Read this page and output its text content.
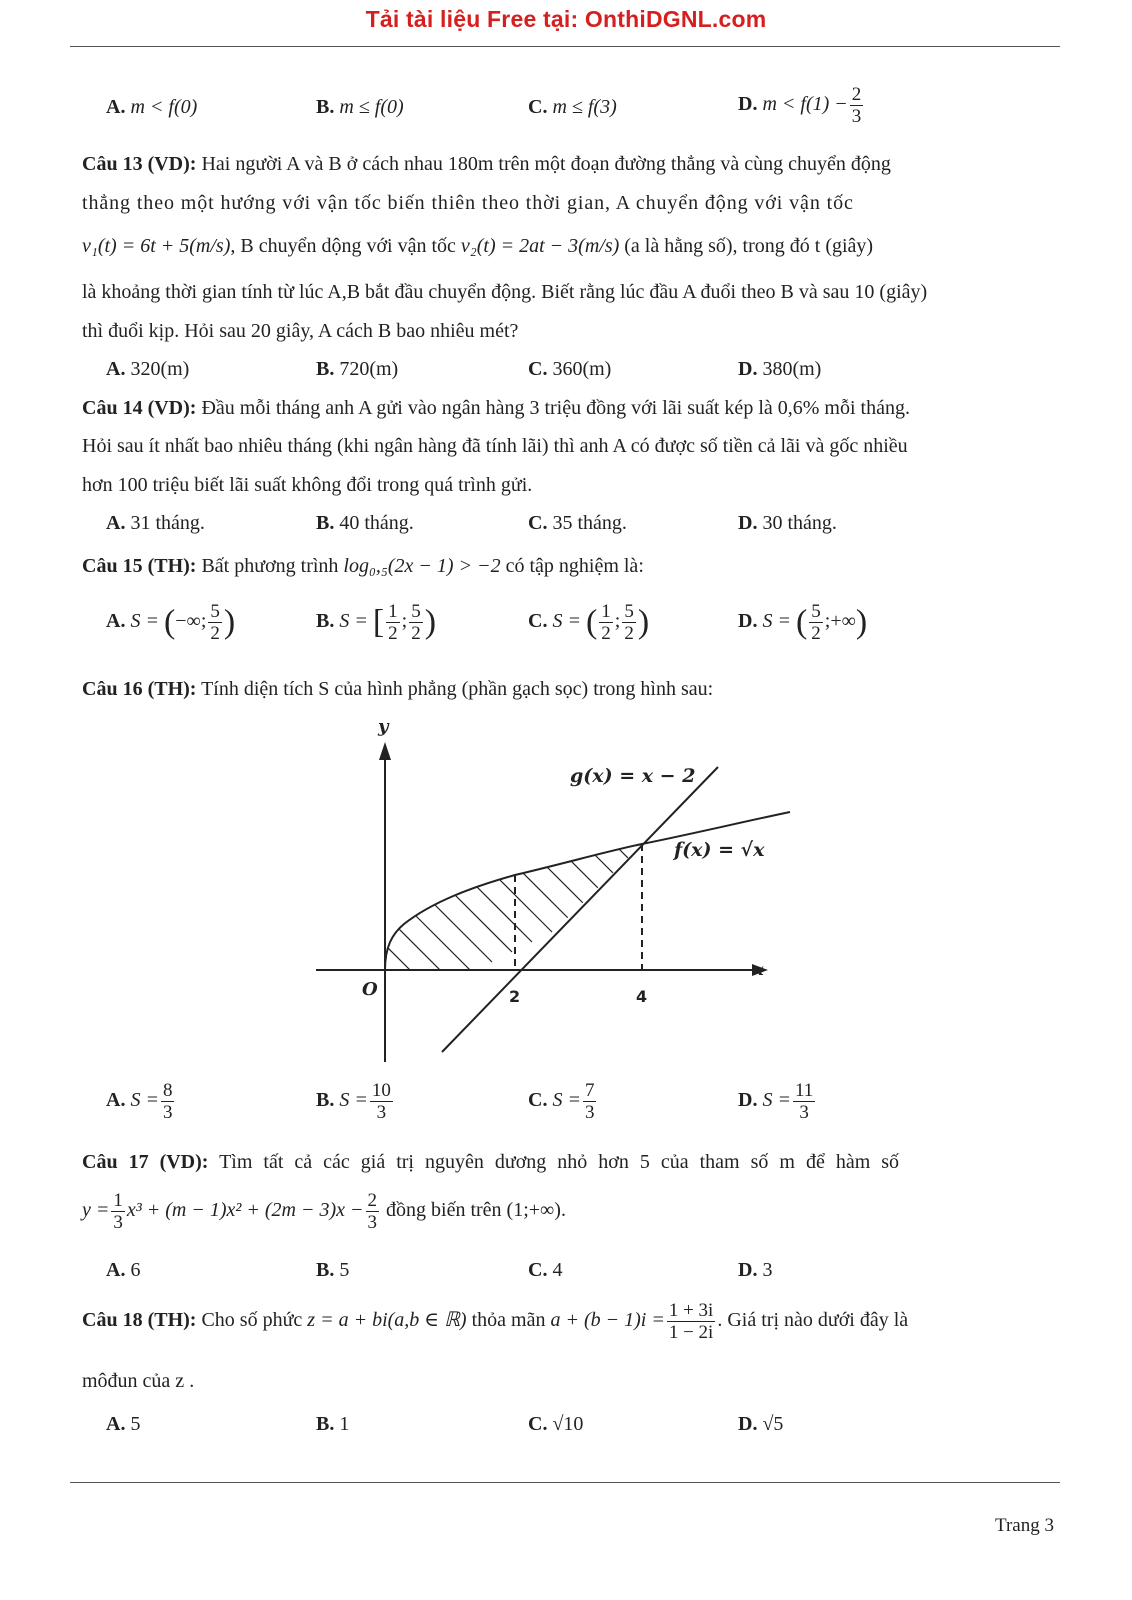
Tải tài liệu Free tại: OnthiDGNL.com
A. m < f(0)	B. m ≤ f(0)	C. m ≤ f(3)	D. $m < f(1) - \frac{2}{3}$
Câu 13 (VD): Hai người A và B ở cách nhau 180m trên một đoạn đường thẳng và cùng chuyển động
thẳng theo một hướng với vận tốc biến thiên theo thời gian, A chuyển động với vận tốc
v₁(t) = 6t + 5(m/s), B chuyển dộng với vận tốc v₂(t) = 2at − 3(m/s) (a là hằng số), trong đó t (giây)
là khoảng thời gian tính từ lúc A,B bắt đầu chuyển động. Biết rằng lúc đầu A đuổi theo B và sau 10 (giây)
thì đuổi kịp. Hỏi sau 20 giây, A cách B bao nhiêu mét?
A. 320(m)	B. 720(m)	C. 360(m)	D. 380(m)
Câu 14 (VD): Đầu mỗi tháng anh A gửi vào ngân hàng 3 triệu đồng với lãi suất kép là 0,6% mỗi tháng.
Hỏi sau ít nhất bao nhiêu tháng (khi ngân hàng đã tính lãi) thì anh A có được số tiền cả lãi và gốc nhiều
hơn 100 triệu biết lãi suất không đổi trong quá trình gửi.
A. 31 tháng.	B. 40 tháng.	C. 35 tháng.	D. 30 tháng.
Câu 15 (TH): Bất phương trình log₀,₅(2x − 1) > −2 có tập nghiệm là:
A. S = (−∞; $\frac{5}{2}$ )	B. S = [ $\frac{1}{2}$ ; $\frac{5}{2}$ )	C. S = ( $\frac{1}{2}$ ; $\frac{5}{2}$ )	D. S = ( $\frac{5}{2}$ ;+∞)
Câu 16 (TH): Tính diện tích S của hình phẳng (phần gạch sọc) trong hình sau:
y
x
O	2	4
g(x) = x − 2
f(x) = √x
A. $S = \frac{8}{3}$	B. $S = \frac{10}{3}$	C. $S = \frac{7}{3}$	D. $S = \frac{11}{3}$
Câu 17 (VD): Tìm tất cả các giá trị nguyên dương nhỏ hơn 5 của tham số m để hàm số
$y = \frac{1}{3} x^3 + (m - 1)x^2 + (2m - 3)x - \frac{2}{3}$ đồng biến trên (1;+∞).
A. 6	B. 5	C. 4	D. 3
Câu 18 (TH): Cho số phức z = a + bi(a,b ∈ ℝ) thỏa mãn $a + (b - 1)i = \frac{1 + 3i}{1 - 2i}$ . Giá trị nào dưới đây là
môđun của z .
A. 5	B. 1	C. √10	D. √5
Trang 3
